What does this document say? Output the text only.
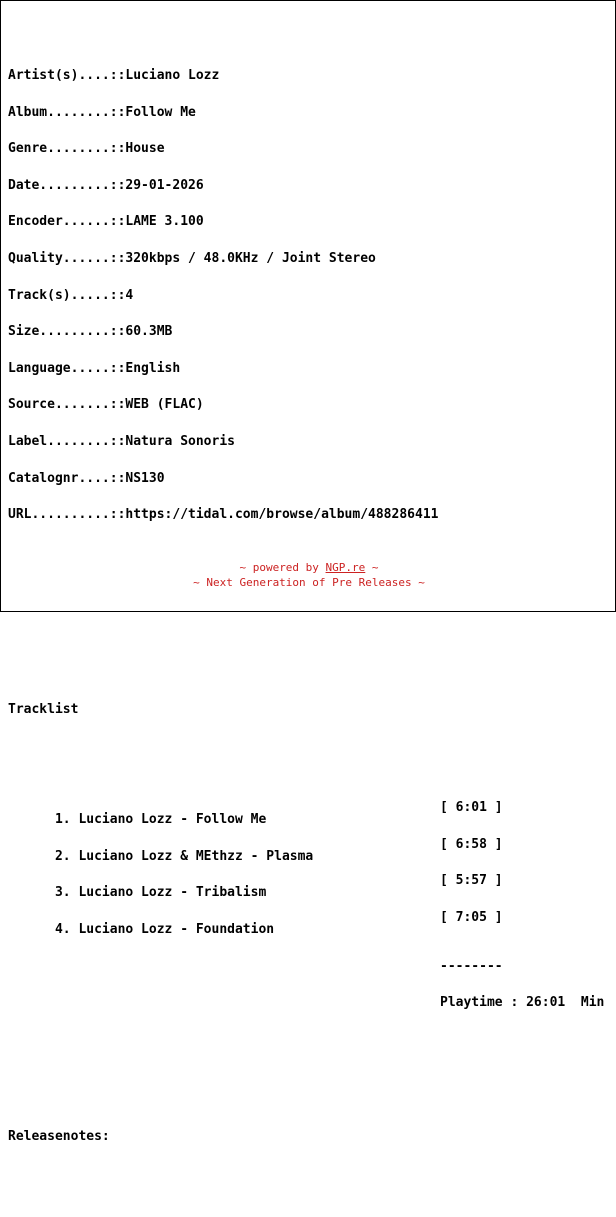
Artist(s)....::Luciano Lozz

Album........::Follow Me

Genre........::House

Date.........::29-01-2026

Encoder......::LAME 3.100

Quality......::320kbps / 48.0KHz / Joint Stereo

Track(s).....::4

Size.........::60.3MB

Language.....::English

Source.......::WEB (FLAC)

Label........::Natura Sonoris

Catalognr....::NS130

URL..........::https://tidal.com/browse/album/488286411

Tracklist

1. Luciano Lozz - Follow Me

[ 6:01 ]

2. Luciano Lozz & MEthzz - Plasma

[ 6:58 ]

3. Luciano Lozz - Tribalism

[ 5:57 ]

4. Luciano Lozz - Foundation

[ 7:05 ]

--------

Playtime : 26:01  Min

Releasenotes:

~ powered by NGP.re ~
~ Next Generation of Pre Releases ~
